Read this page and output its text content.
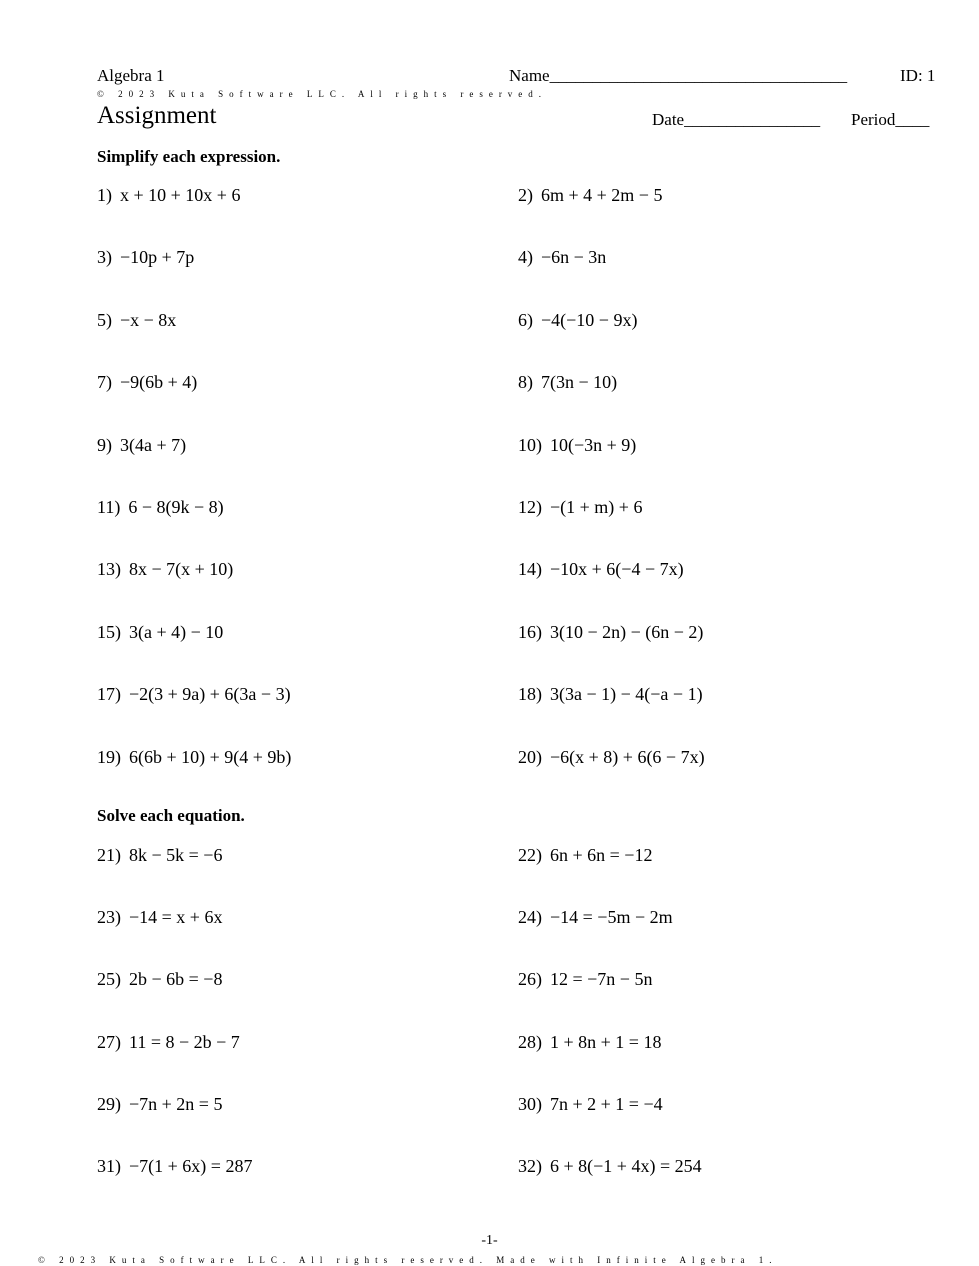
Algebra 1	Name___________________________________	ID: 1
© 2023 Kuta Software LLC. All rights reserved.
Assignment	Date________________ Period____
Simplify each expression.
Solve each equation.
1) x + 10 + 10x + 6	2) 6m + 4 + 2m − 5
3) −10p + 7p	4) −6n − 3n
5) −x − 8x	6) −4(−10 − 9x)
7) −9(6b + 4)	8) 7(3n − 10)
9) 3(4a + 7)	10) 10(−3n + 9)
11) 6 − 8(9k − 8)	12) −(1 + m) + 6
13) 8x − 7(x + 10)	14) −10x + 6(−4 − 7x)
15) 3(a + 4) − 10	16) 3(10 − 2n) − (6n − 2)
17) −2(3 + 9a) + 6(3a − 3)	18) 3(3a − 1) − 4(−a − 1)
19) 6(6b + 10) + 9(4 + 9b)	20) −6(x + 8) + 6(6 − 7x)
21) 8k − 5k = −6	22) 6n + 6n = −12
23) −14 = x + 6x	24) −14 = −5m − 2m
25) 2b − 6b = −8	26) 12 = −7n − 5n
27) 11 = 8 − 2b − 7	28) 1 + 8n + 1 = 18
29) −7n + 2n = 5	30) 7n + 2 + 1 = −4
31) −7(1 + 6x) = 287	32) 6 + 8(−1 + 4x) = 254
-1-
© 2023 Kuta Software LLC. All rights reserved. Made with Infinite Algebra 1.
